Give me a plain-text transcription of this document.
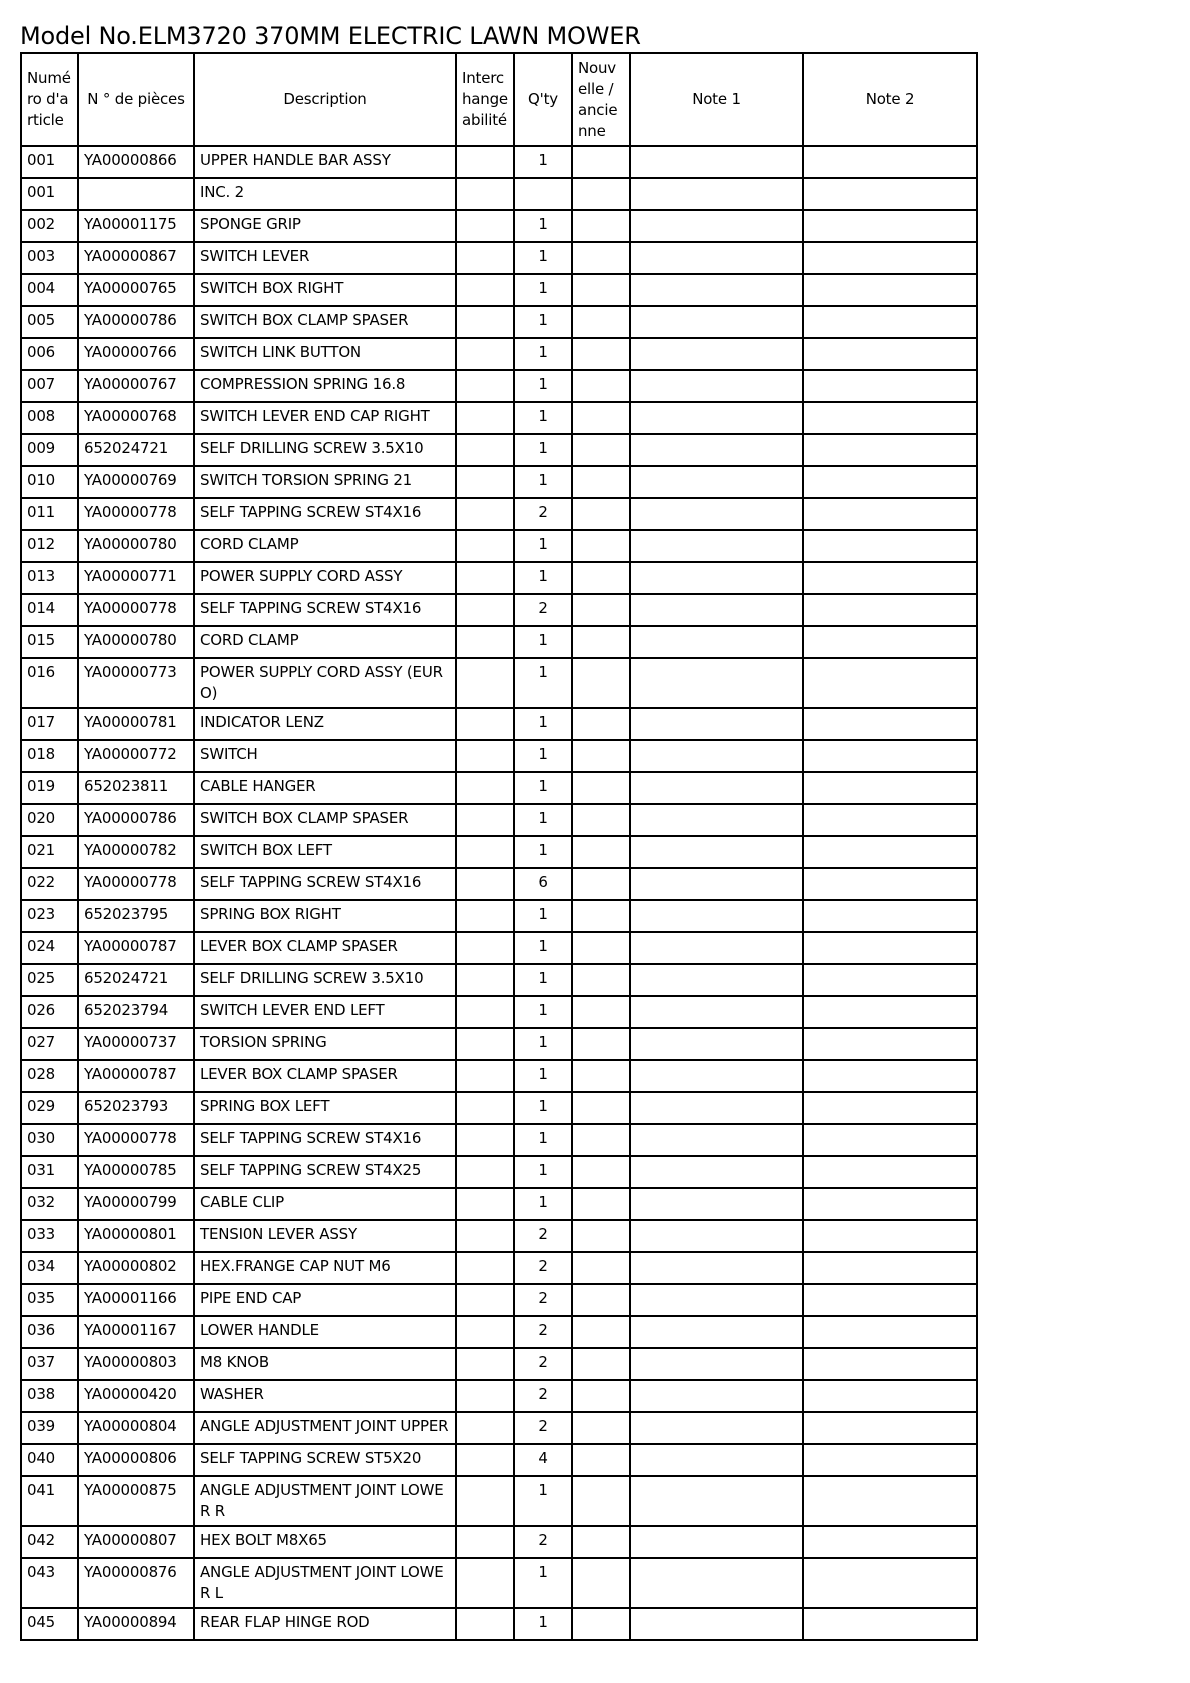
Model No.ELM3720 370MM ELECTRIC LAWN MOWER
Numéro d'article	N ° de pièces	Description	Interchangeabilité	Q'ty	Nouvelle / ancienne	Note 1	Note 2
001	YA00000866	UPPER HANDLE BAR ASSY		1			
001		INC. 2					
002	YA00001175	SPONGE GRIP		1			
003	YA00000867	SWITCH LEVER		1			
004	YA00000765	SWITCH BOX RIGHT		1			
005	YA00000786	SWITCH BOX CLAMP SPASER		1			
006	YA00000766	SWITCH LINK BUTTON		1			
007	YA00000767	COMPRESSION SPRING 16.8		1			
008	YA00000768	SWITCH LEVER END CAP RIGHT		1			
009	652024721	SELF DRILLING SCREW 3.5X10		1			
010	YA00000769	SWITCH TORSION SPRING 21		1			
011	YA00000778	SELF TAPPING SCREW ST4X16		2			
012	YA00000780	CORD CLAMP		1			
013	YA00000771	POWER SUPPLY CORD ASSY		1			
014	YA00000778	SELF TAPPING SCREW ST4X16		2			
015	YA00000780	CORD CLAMP		1			
016	YA00000773	POWER SUPPLY CORD ASSY (EURO)		1			
017	YA00000781	INDICATOR LENZ		1			
018	YA00000772	SWITCH		1			
019	652023811	CABLE HANGER		1			
020	YA00000786	SWITCH BOX CLAMP SPASER		1			
021	YA00000782	SWITCH BOX LEFT		1			
022	YA00000778	SELF TAPPING SCREW ST4X16		6			
023	652023795	SPRING BOX RIGHT		1			
024	YA00000787	LEVER BOX CLAMP SPASER		1			
025	652024721	SELF DRILLING SCREW 3.5X10		1			
026	652023794	SWITCH LEVER END LEFT		1			
027	YA00000737	TORSION SPRING		1			
028	YA00000787	LEVER BOX CLAMP SPASER		1			
029	652023793	SPRING BOX LEFT		1			
030	YA00000778	SELF TAPPING SCREW ST4X16		1			
031	YA00000785	SELF TAPPING SCREW ST4X25		1			
032	YA00000799	CABLE CLIP		1			
033	YA00000801	TENSI0N LEVER ASSY		2			
034	YA00000802	HEX.FRANGE CAP NUT M6		2			
035	YA00001166	PIPE END CAP		2			
036	YA00001167	LOWER HANDLE		2			
037	YA00000803	M8 KNOB		2			
038	YA00000420	WASHER		2			
039	YA00000804	ANGLE ADJUSTMENT JOINT UPPER		2			
040	YA00000806	SELF TAPPING SCREW ST5X20		4			
041	YA00000875	ANGLE ADJUSTMENT JOINT LOWER R		1			
042	YA00000807	HEX BOLT M8X65		2			
043	YA00000876	ANGLE ADJUSTMENT JOINT LOWER L		1			
045	YA00000894	REAR FLAP HINGE ROD		1			
